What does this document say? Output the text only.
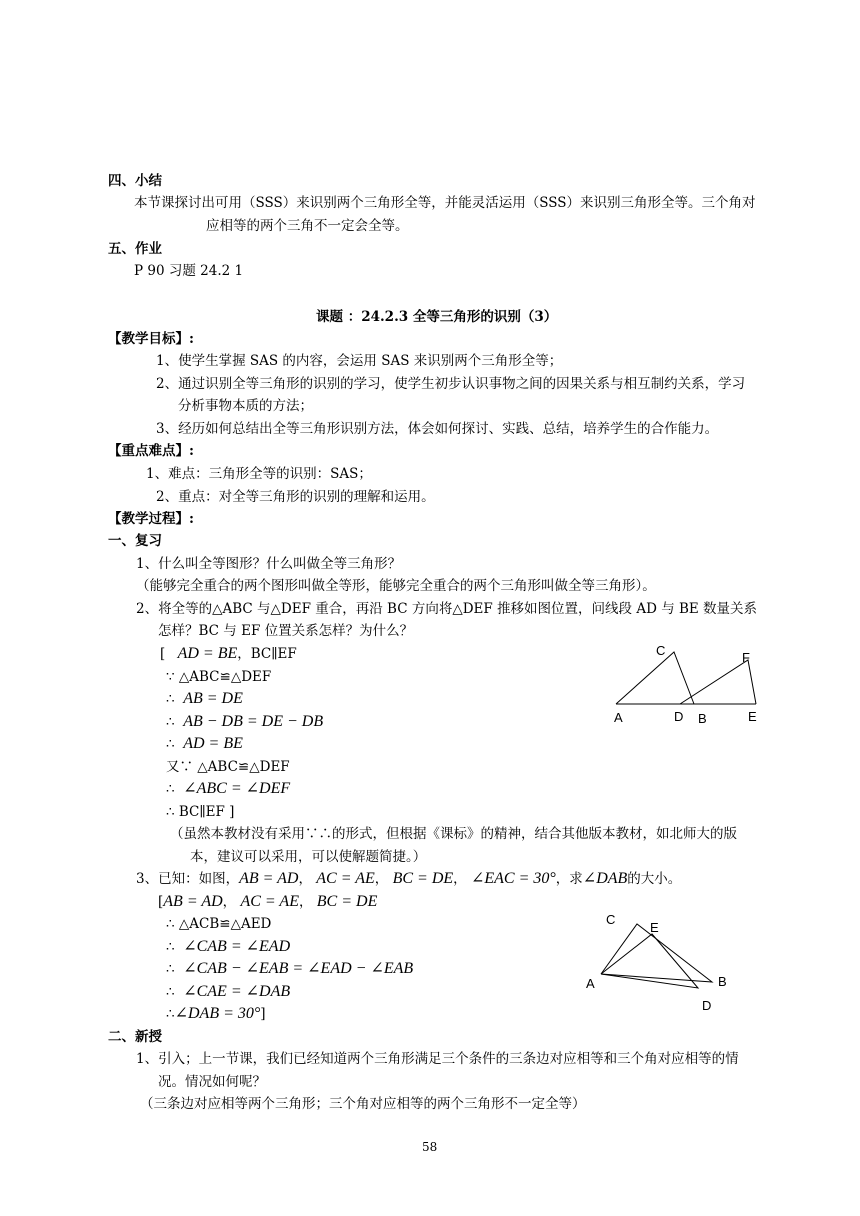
四、小结
本节课探讨出可用（SSS）来识别两个三角形全等，并能灵活运用（SSS）来识别三角形全等。三个角对
应相等的两个三角不一定会全等。
五、作业
P 90 习题 24.2 1
课题 ：24.2.3 全等三角形的识别（3）
【教学目标】:
1、使学生掌握 SAS 的内容，会运用 SAS 来识别两个三角形全等；
2、通过识别全等三角形的识别的学习，使学生初步认识事物之间的因果关系与相互制约关系，学习
分析事物本质的方法；
3、经历如何总结出全等三角形识别方法，体会如何探讨、实践、总结，培养学生的合作能力。
【重点难点】:
1、难点：三角形全等的识别：SAS；
2、重点：对全等三角形的识别的理解和运用。
【教学过程】:
一、复习
1、什么叫全等图形？什么叫做全等三角形？
（能够完全重合的两个图形叫做全等形，能够完全重合的两个三角形叫做全等三角形）。
2、将全等的△ABC 与△DEF 重合，再沿 BC 方向将△DEF 推移如图位置，问线段 AD 与 BE 数量关系
怎样？BC 与 EF 位置关系怎样？为什么？
[ AD = BE，BC∥EF
∵ △ABC≌△DEF
∴ AB = DE
∴ AB − DB = DE − DB
∴ AD = BE
又∵ △ABC≌△DEF
∴ ∠ABC = ∠DEF
∴ BC∥EF ]
（虽然本教材没有采用∵∴的形式，但根据《课标》的精神，结合其他版本教材，如北师大的版
本，建议可以采用，可以使解题简捷。）
3、已知：如图，AB = AD， AC = AE， BC = DE， ∠EAC = 30°，求∠DAB的大小。
[AB = AD， AC = AE， BC = DE
∴ △ACB≌△AED
∴ ∠CAB = ∠EAD
∴ ∠CAB − ∠EAB = ∠EAD − ∠EAB
∴ ∠CAE = ∠DAB
∴∠DAB = 30°]
二、新授
1、引入；上一节课，我们已经知道两个三角形满足三个条件的三条边对应相等和三个角对应相等的情
况。情况如何呢？
（三条边对应相等两个三角形；三个角对应相等的两个三角形不一定全等）
58
C	F
A	D B	E
C
E
A	B
D
